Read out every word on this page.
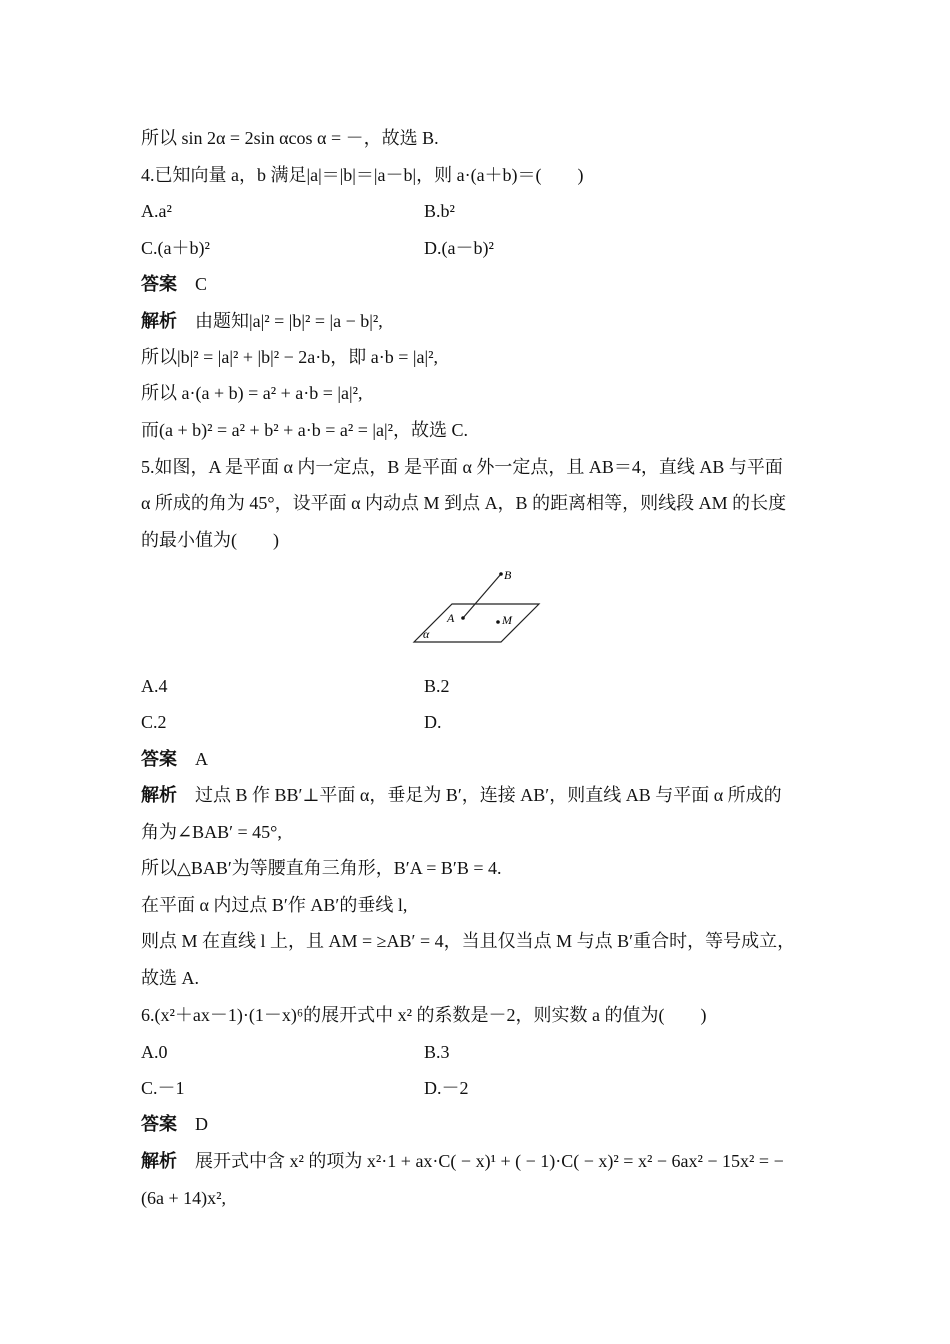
所以 sin 2α = 2sin αcos α = －，故选 B.
4.已知向量 a，b 满足|a|＝|b|＝|a－b|，则 a·(a＋b)＝(　　)
A.a²	B.b²
C.(a＋b)²	D.(a－b)²
答案 C
解析 由题知|a|² = |b|² = |a − b|²,
所以|b|² = |a|² + |b|² − 2a·b，即 a·b = |a|²,
所以 a·(a + b) = a² + a·b = |a|²,
而(a + b)² = a² + b² + a·b = a² = |a|²，故选 C.
5.如图，A 是平面 α 内一定点，B 是平面 α 外一定点，且 AB＝4，直线 AB 与平面
α 所成的角为 45°，设平面 α 内动点 M 到点 A，B 的距离相等，则线段 AM 的长度
的最小值为(　　)
B
A	M
α
A.4	B.2
C.2	D.
答案 A
解析 过点 B 作 BB′⊥平面 α，垂足为 B′，连接 AB′，则直线 AB 与平面 α 所成的
角为∠BAB′ = 45°,
所以△BAB′为等腰直角三角形，B′A = B′B = 4.
在平面 α 内过点 B′作 AB′的垂线 l,
则点 M 在直线 l 上，且 AM = ≥AB′ = 4，当且仅当点 M 与点 B′重合时，等号成立，
故选 A.
6.(x²＋ax－1)·(1－x)⁶的展开式中 x² 的系数是－2，则实数 a 的值为(　　)
A.0	B.3
C.－1	D.－2
答案 D
解析 展开式中含 x² 的项为 x²·1 + ax·C( − x)¹ + ( − 1)·C( − x)² = x² − 6ax² − 15x² = −
(6a + 14)x²,
